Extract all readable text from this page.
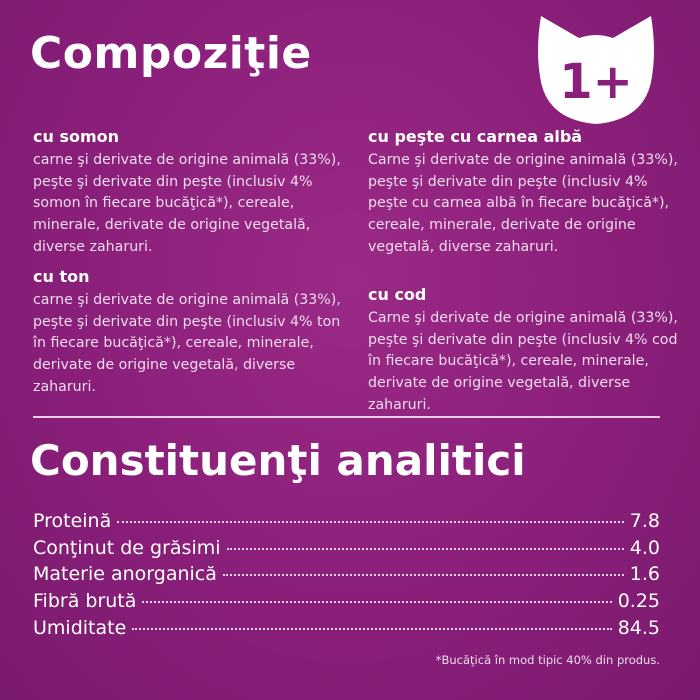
Compoziţie
1+
cu somon

carne şi derivate de origine animală (33%), peşte şi derivate din peşte (inclusiv 4% somon în fiecare bucăţică*), cereale, minerale, derivate de origine vegetală, diverse zaharuri.

cu ton

carne şi derivate de origine animală (33%), peşte şi derivate din peşte (inclusiv 4% ton în fiecare bucăţică*), cereale, minerale, derivate de origine vegetală, diverse zaharuri.

cu peşte cu carnea albă

Carne şi derivate de origine animală (33%), peşte şi derivate din peşte (inclusiv 4% peşte cu carnea albă în fiecare bucăţică*), cereale, minerale, derivate de origine vegetală, diverse zaharuri.

cu cod

Carne şi derivate de origine animală (33%), peşte şi derivate din peşte (inclusiv 4% cod în fiecare bucăţică*), cereale, minerale, derivate de origine vegetală, diverse zaharuri.

Constituenţi analitici
Proteină	7.8
Conţinut de grăsimi	4.0
Materie anorganică	1.6
Fibră brută	0.25
Umiditate	84.5
*Bucăţică în mod tipic 40% din produs.
